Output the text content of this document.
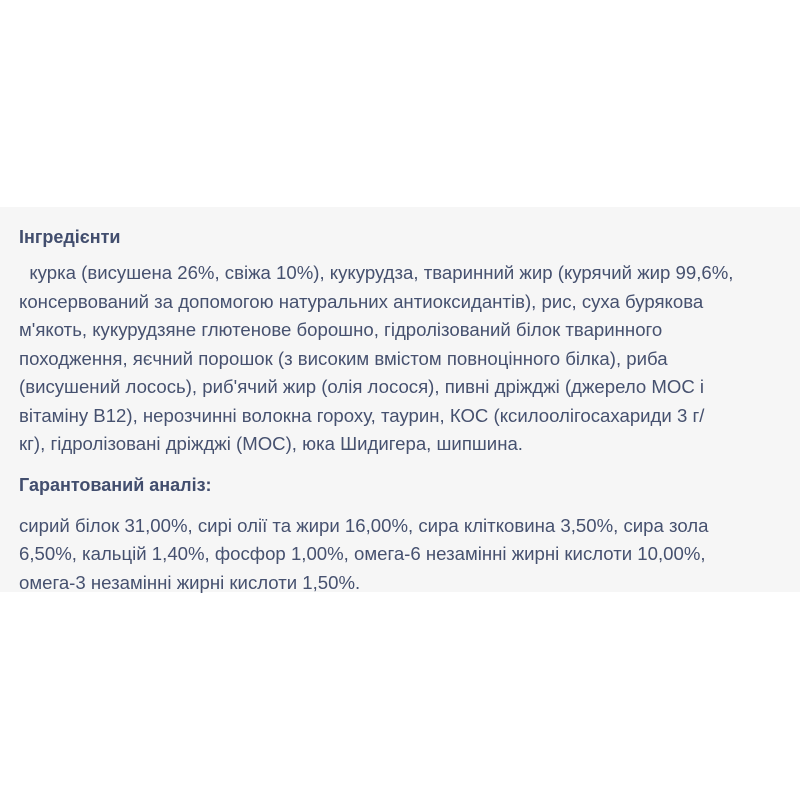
Інгредієнти

курка (висушена 26%, свіжа 10%), кукурудза, тваринний жир (курячий жир 99,6%,
консервований за допомогою натуральних антиоксидантів), рис, суха бурякова
м'якоть, кукурудзяне глютенове борошно, гідролізований білок тваринного
походження, яєчний порошок (з високим вмістом повноцінного білка), риба
(висушений лосось), риб'ячий жир (олія лосося), пивні дріжджі (джерело МОС і
вітаміну В12), нерозчинні волокна гороху, таурин, КОС (ксилоолігосахариди 3 г/
кг), гідролізовані дріжджі (МОС), юка Шидигера, шипшина.

Гарантований аналіз:

сирий білок 31,00%, сирі олії та жири 16,00%, сира клітковина 3,50%, сира зола
6,50%, кальцій 1,40%, фосфор 1,00%, омега-6 незамінні жирні кислоти 10,00%,
омега-3 незамінні жирні кислоти 1,50%.
